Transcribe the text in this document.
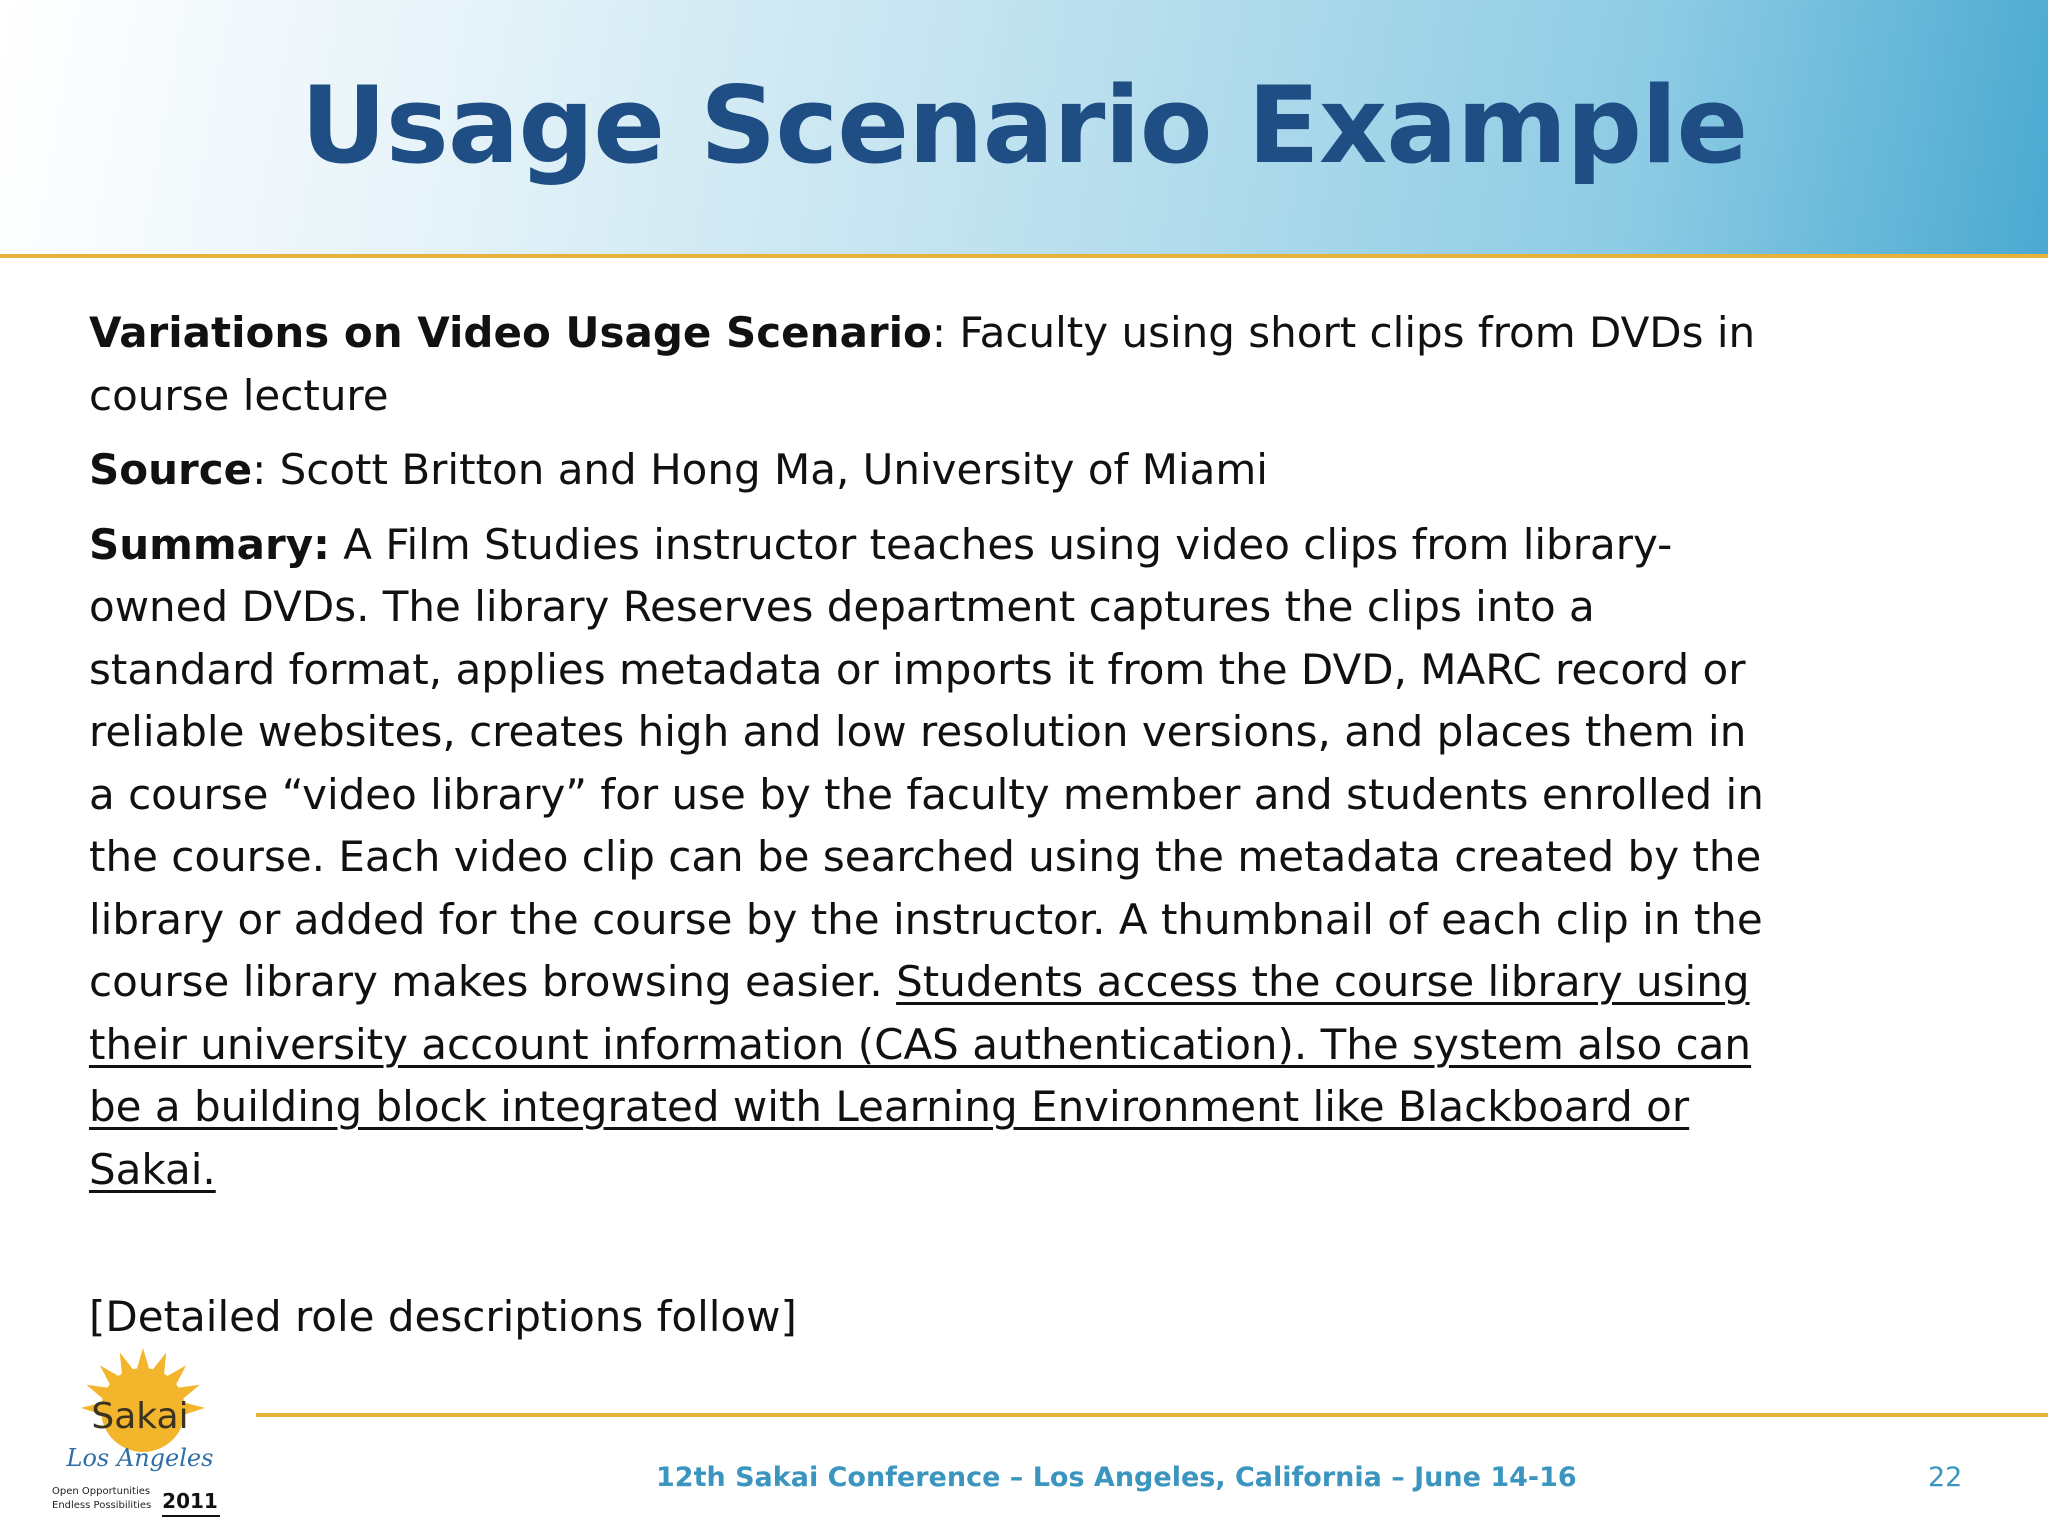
Usage Scenario Example

Variations on Video Usage Scenario: Faculty using short clips from DVDs in course lecture

Source: Scott Britton and Hong Ma, University of Miami

Summary: A Film Studies instructor teaches using video clips from library-owned DVDs. The library Reserves department captures the clips into a standard format, applies metadata or imports it from the DVD, MARC record or reliable websites, creates high and low resolution versions, and places them in a course “video library” for use by the faculty member and students enrolled in the course. Each video clip can be searched using the metadata created by the library or added for the course by the instructor. A thumbnail of each clip in the course library makes browsing easier. Students access the course library using their university account information (CAS authentication). The system also can be a building block integrated with Learning Environment like Blackboard or Sakai.

[Detailed role descriptions follow]
Sakai
Los Angeles
Open Opportunities
Endless Possibilities 2011
12th Sakai Conference – Los Angeles, California – June 14-16	22
